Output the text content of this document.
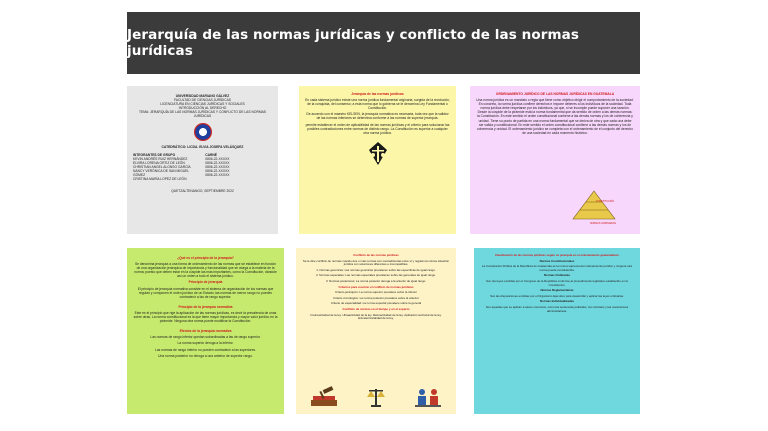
Jerarquía de las normas jurídicas y conflicto de las normas jurídicas
UNIVERSIDAD MARIANO GÁLVEZ
FACULTAD DE CIENCIAS JURÍDICAS
LICENCIATURA EN CIENCIAS JURÍDICAS Y SOCIALES
INTRODUCCIÓN AL DERECHO
TEMA: JERARQUÍA DE LAS NORMAS JURÍDICAS Y CONFLICTO DE LAS NORMAS JURÍDICAS

CATEDRÁTICO: LICDA. ELVIA JOSEFA VELÁSQUEZ

INTEGRANTES DE GRUPO
KEVIN ANDRÉS RUIZ HERNÁNDEZ
ELVIRA LORENA ORTIZ DE LEÓN
CHRISTIAN ANGEL ALONSO GARCÍA
NANCY VERÓNICA DE SAN MIGUEL GÓMEZ
CRISTINA MARÍA LOPEZ DE LEÓN
CARNÉ
0806-22-XXXXX
0806-22-XXXXX
0806-22-XXXXX
0806-22-XXXXX
0806-22-XXXXX

QUETZALTENANGO, SEPTIEMBRE 2022

Jerarquía de las normas jurídicas

En cada sistema jurídico existe una norma jurídica fundamental originaria, surgida de la revolución, de la conquista, del consenso; a esta norma que lo gobierna se le denomina Ley Fundamental o Constitución.

De acuerdo con el maestro KELSEN, la jerarquía normativa es necesaria, toda vez que la validez de las normas inferiores se determina conforme a las normas de superior jerarquía.

permite establecer el orden de aplicabilidad de las normas jurídicas y el criterio para solucionar las posibles contradicciones entre normas de distinto rango. La Constitución es superior a cualquier otra norma jurídica.

ORDENAMIENTO JURÍDICO DE LAS NORMAS JURÍDICAS EN GUATEMALA

Una norma jurídica es un mandato o regla que tiene como objetivo dirigir el comportamiento de la sociedad. En concreto, la norma jurídica confiere derechos e impone deberes a los individuos de la sociedad. Toda norma jurídica debe respetarse por los individuos, ya que, si se incumple puede suponer una sanción. Desde la cúspide de la pirámide está la norma fundamental que da sentido de orden a las demás normas: la Constitución. En este sentido el orden constitucional contiene a las demás normas y los de coherencia y unidad. Tiene su punto de partida en una norma fundamental que se deriva de otra y que cada una debe ser valida y constitucional. En este sentido el orden constitucional contiene a las demás normas y los de coherencia y unidad. El ordenamiento jurídico se completa con el ordenamiento de el conjunto del derecho de una sociedad en cada momento histórico.

CONSTITUCIÓN
NORMAS ORDINARIAS

¿Qué es el principio de la jerarquía?

Se denomina jerarquía a una forma de ordenamiento de las normas que se establece en función de una organización jerárquica de importancia y funcionalidad que se otorga a la materia de la norma; puesto que deben estar en la cúspide las más importantes, como la Constitución, dándole así un orden a todo el sistema jurídico.

Principio de jerarquía

El principio de jerarquía normativa consiste en el sistema de organización de los normas que regulan y componen el orden jurídico de un Estado; las normas de menor rango no pueden contradecir a las de rango superior.

Principio de la jerarquía normativa

Este es el principio que rige la aplicación de las normas jurídicas, es decir la prevalencia de unas sobre otras. La norma constitucional es la que tiene mayor importancia y mayor valor jurídico en la pirámide. Ninguna otra norma puede modificar la Constitución.

Efectos de la jerarquía normativa

Las normas de rango inferior quedan subordinadas a las de rango superior.

La norma superior deroga a la inferior.

Las normas de rango inferior no pueden contradecir a las superiores.

Una norma posterior no deroga a una anterior de superior rango.

Conflicto de las normas jurídicas

Se le dice conflicto de normas cuando dos o más normas son contradictorias entre sí y regulan la misma situación jurídica con soluciones diferentes e incompatibles.

1. Normas genéricas: Las normas genéricas prevalecen sobre las específicas de igual rango.

2. Normas especiales: Las normas especiales prevalecen sobre las generales de igual rango.

3. Normas posteriores: La norma posterior deroga a la anterior de igual rango.

Criterios para resolver el conflicto de normas jurídicas

Criterio jerárquico: La norma superior prevalece sobre la inferior

Criterio cronológico: La norma posterior prevalece sobre la anterior

Criterio de especialidad: La norma especial prevalece sobre la general

Conflicto de normas en el tiempo y en el espacio

Irretroactividad de la ley. Ultraactividad de la ley. Retroactividad de la ley. Aplicación territorial de la ley. Extraterritorialidad de la ley.

Clasificación de las normas jurídicas según su jerarquía en el ordenamiento guatemalteco

Normas Constitucionales

La Constitución Política de la República de Guatemala es la norma suprema del ordenamiento jurídico y ninguna otra norma puede contradecirla.

Normas Ordinarias

Son las leyes emitidas por el Congreso de la República conforme al procedimiento legislativo establecido en la Constitución.

Normas Reglamentarias

Son las disposiciones emitidas por el Organismo Ejecutivo para desarrollar y aplicar las leyes ordinarias.

Normas Individualizadas

Son aquellas que se aplican a casos concretos, como las sentencias judiciales, los contratos y las resoluciones administrativas.
